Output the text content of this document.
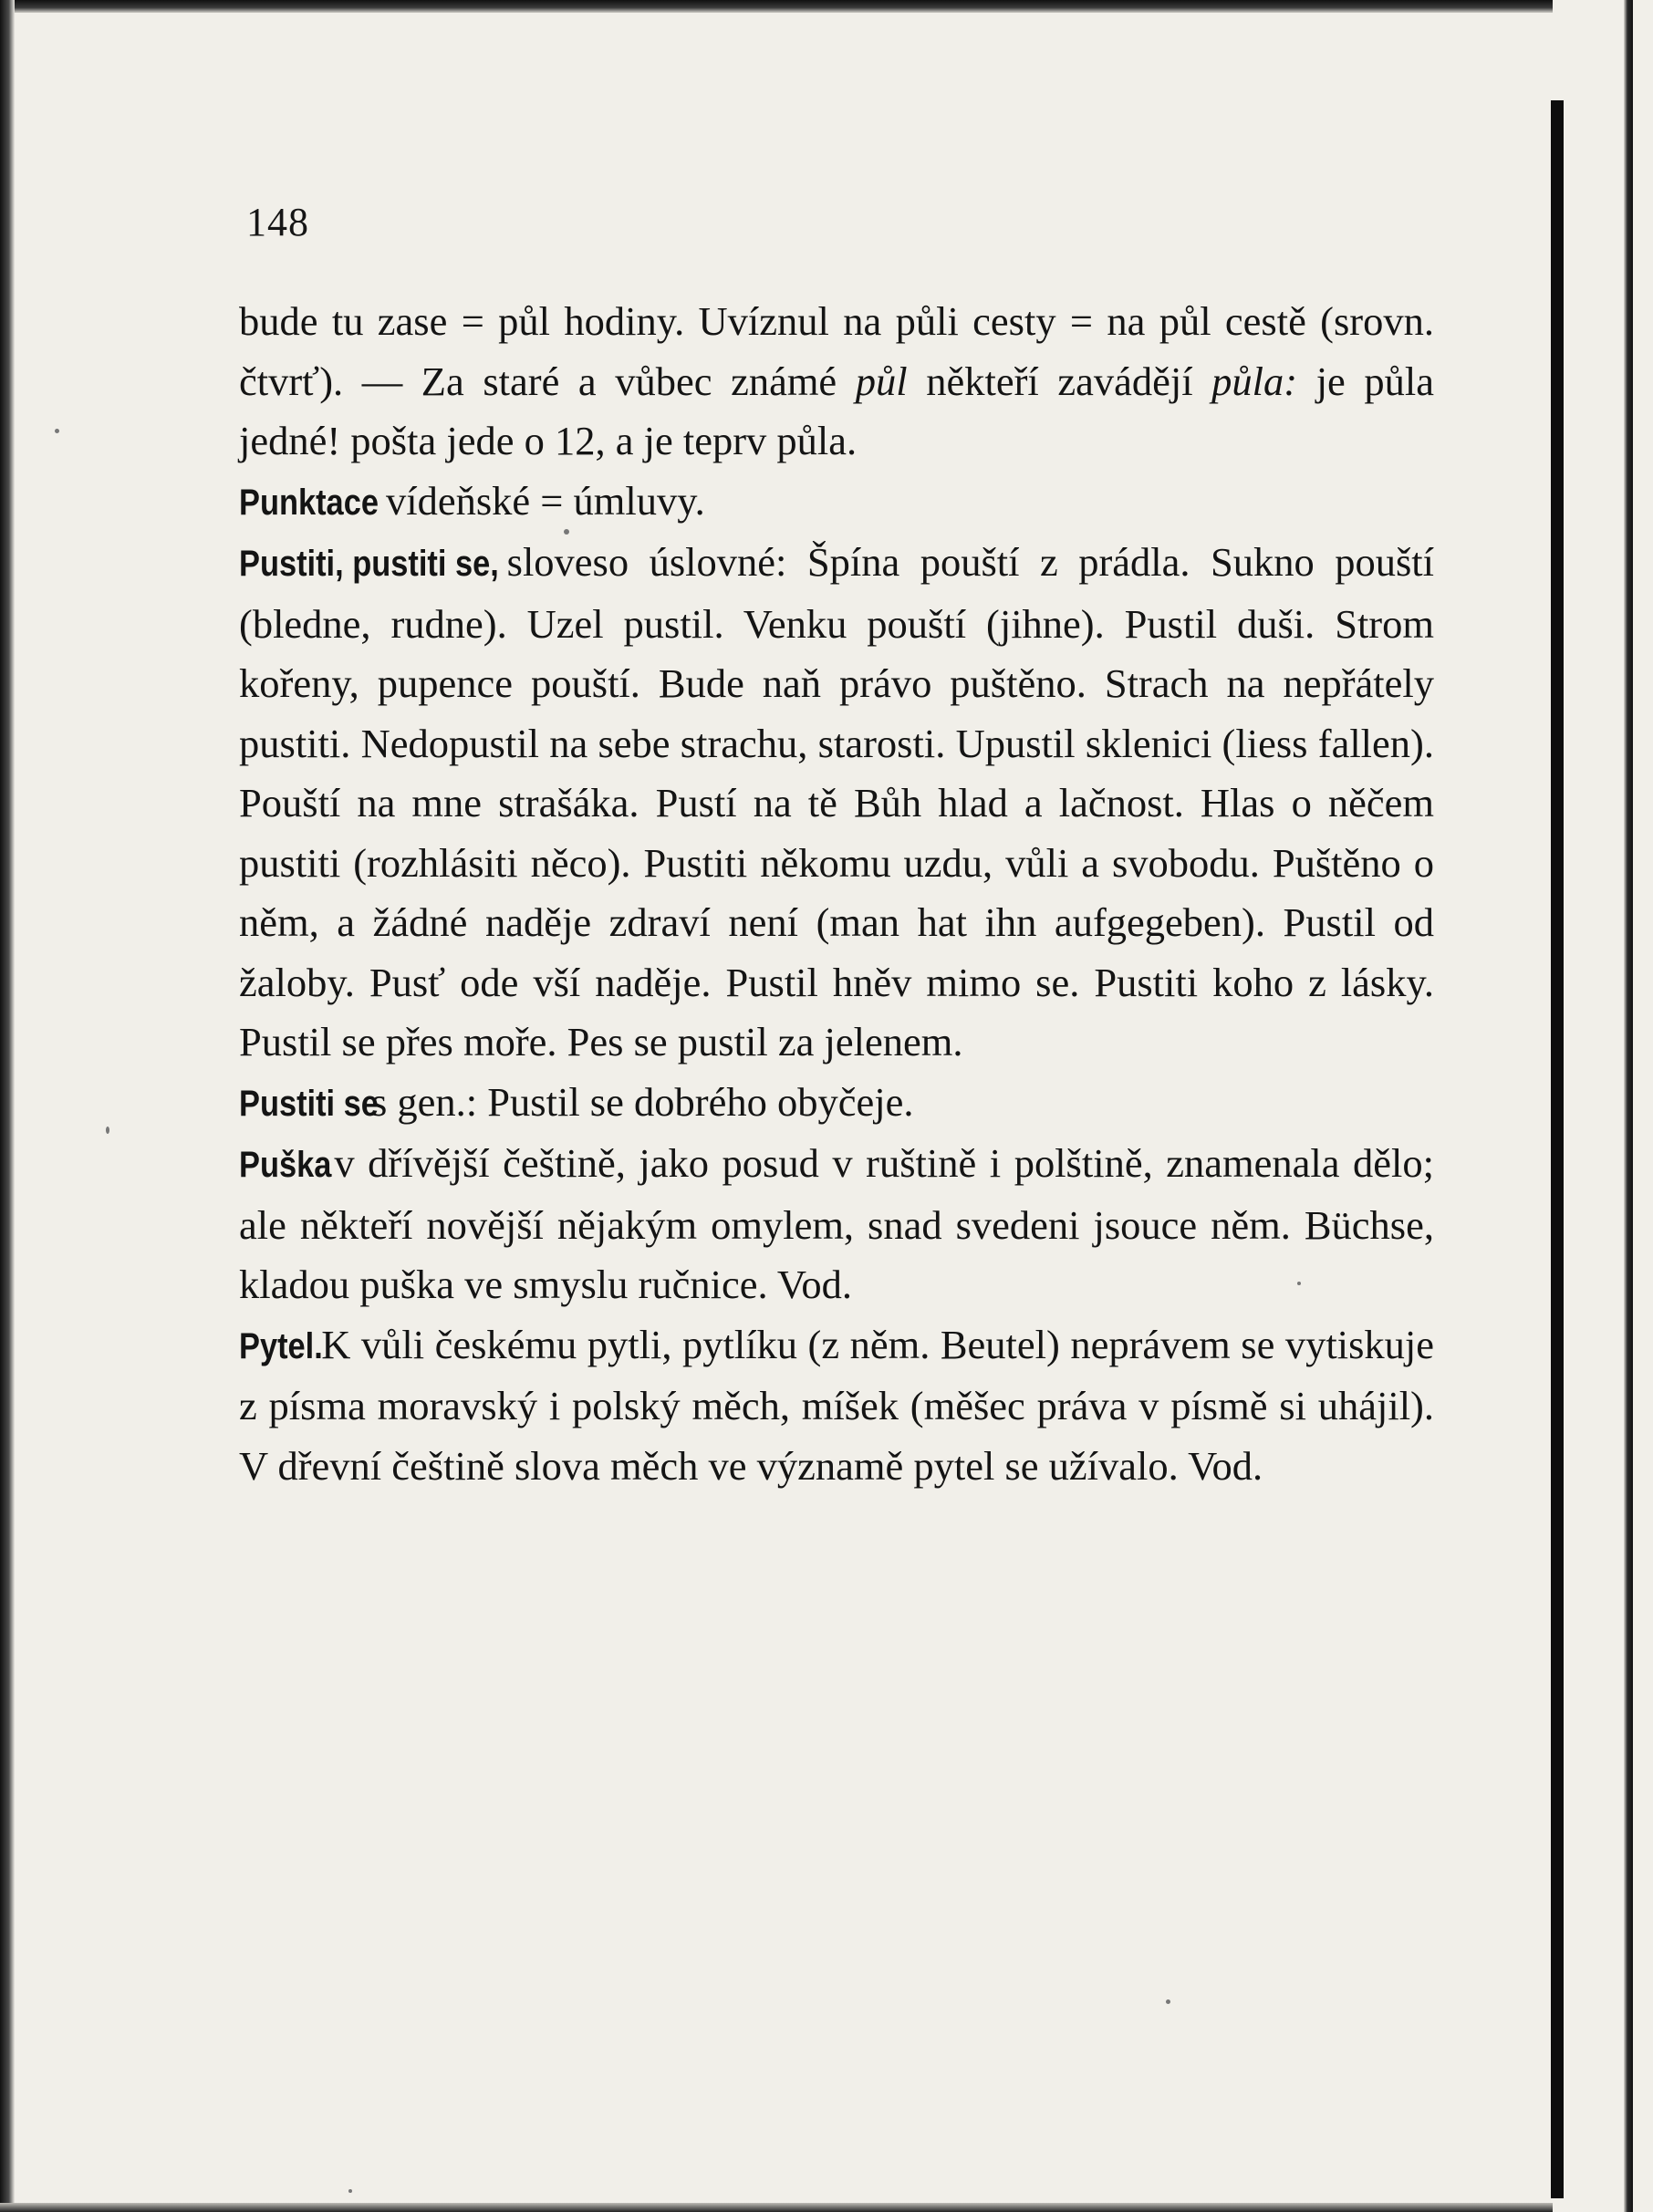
148

bude tu zase = půl hodiny. Uvíznul na půli cesty = na půl cestě (srovn. čtvrť). — Za staré a vůbec známé půl někteří zavádějí půla: je půla jedné! pošta jede o 12, a je teprv půla.

Punktace vídeňské = úmluvy.

Pustiti, pustiti se, sloveso úslovné: Špína pouští z prádla. Sukno pouští (bledne, rudne). Uzel pustil. Venku pouští (jihne). Pustil duši. Strom kořeny, pupence pouští. Bude naň právo puštěno. Strach na nepřátely pustiti. Nedopustil na sebe strachu, starosti. Upustil sklenici (liess fallen). Pouští na mne strašáka. Pustí na tě Bůh hlad a lačnost. Hlas o něčem pustiti (rozhlásiti něco). Pustiti někomu uzdu, vůli a svobodu. Puštěno o něm, a žádné naděje zdraví není (man hat ihn aufgegeben). Pustil od žaloby. Pusť ode vší naděje. Pustil hněv mimo se. Pustiti koho z lásky. Pustil se přes moře. Pes se pustil za jelenem.

Pustiti se s gen.: Pustil se dobrého obyčeje.

Puška v dřívější češtině, jako posud v ruštině i polštině, znamenala dělo; ale někteří novější nějakým omylem, snad svedeni jsouce něm. Büchse, kladou puška ve smyslu ručnice. Vod.

Pytel. K vůli českému pytli, pytlíku (z něm. Beutel) neprávem se vytiskuje z písma moravský i polský měch, míšek (měšec práva v písmě si uhájil). V dřevní češtině slova měch ve významě pytel se užívalo. Vod.
